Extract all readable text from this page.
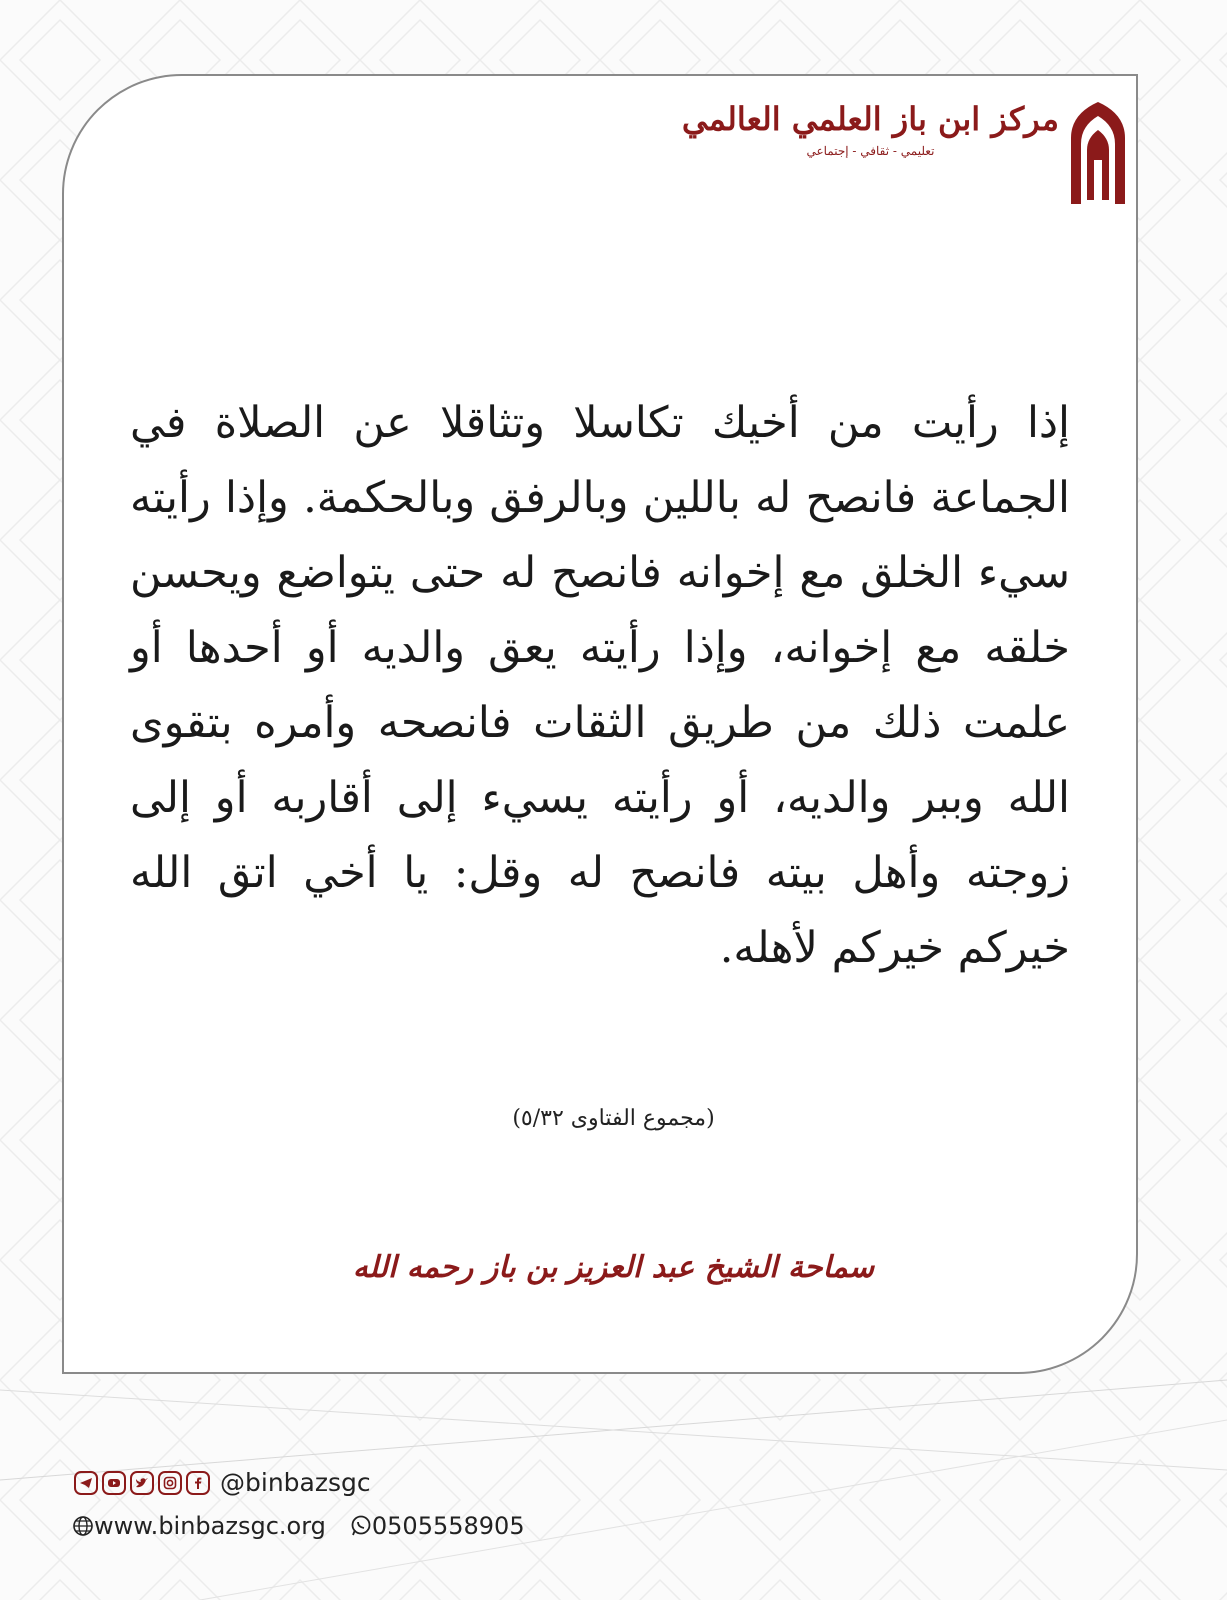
مركز ابن باز العلمي العالمي
تعليمي - ثقافي - إجتماعي
إذا رأيت من أخيك تكاسلا وتثاقلا عن الصلاة في الجماعة فانصح له باللين وبالرفق وبالحكمة. وإذا رأيته سيء الخلق مع إخوانه فانصح له حتى يتواضع ويحسن خلقه مع إخوانه، وإذا رأيته يعق والديه أو أحدها أو علمت ذلك من طريق الثقات فانصحه وأمره بتقوى الله وببر والديه، أو رأيته يسيء إلى أقاربه أو إلى زوجته وأهل بيته فانصح له وقل: يا أخي اتق الله خيركم خيركم لأهله.
(مجموع الفتاوى ٥/٣٢)
سماحة الشيخ عبد العزيز بن باز رحمه الله
@binbazsgc
www.binbazsgc.org 0505558905
